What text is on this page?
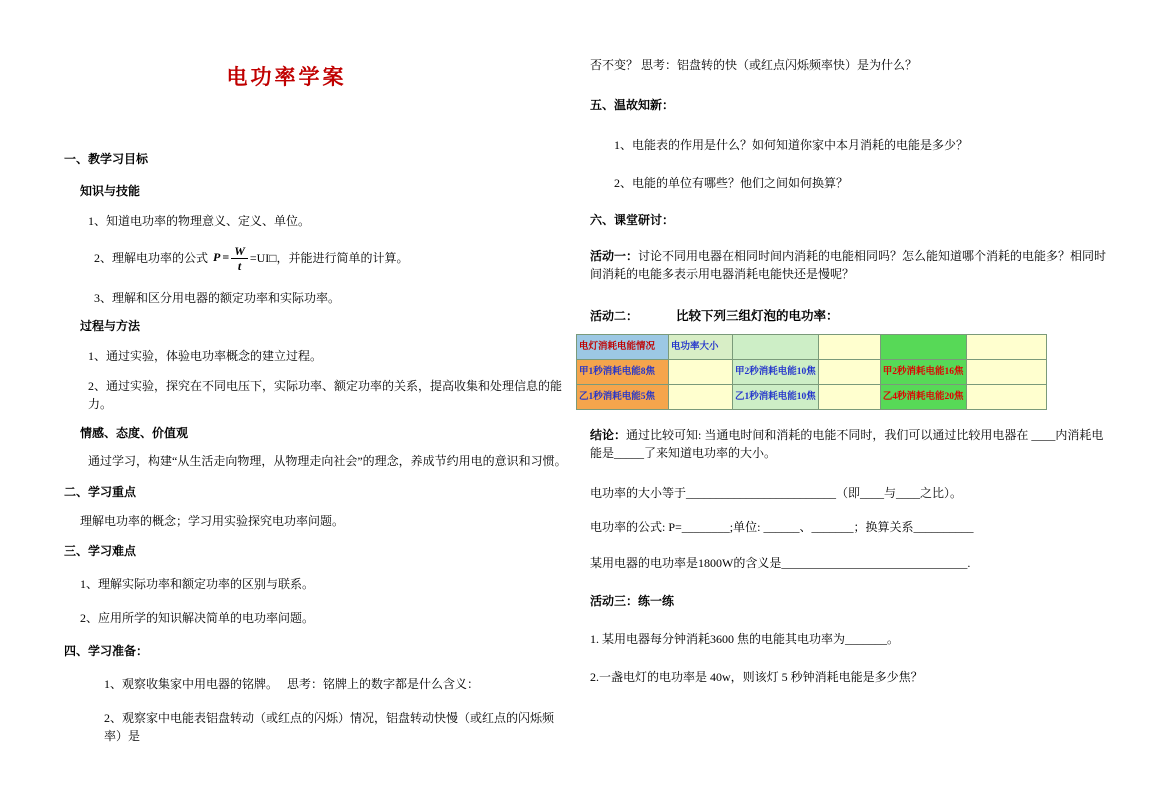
电功率学案

一、教学习目标

知识与技能

1、知道电功率的物理意义、定义、单位。

2、理解电功率的公式 $P = \frac{W}{t}$ =UI□，并能进行简单的计算。

3、理解和区分用电器的额定功率和实际功率。

过程与方法

1、通过实验，体验电功率概念的建立过程。

2、通过实验，探究在不同电压下，实际功率、额定功率的关系，提高收集和处理信息的能力。

情感、态度、价值观

通过学习，构建“从生活走向物理，从物理走向社会”的理念，养成节约用电的意识和习惯。

二、学习重点

理解电功率的概念；学习用实验探究电功率问题。

三、学习难点

1、理解实际功率和额定功率的区别与联系。

2、应用所学的知识解决简单的电功率问题。

四、学习准备：

1、观察收集家中用电器的铭牌。　 思考：铭牌上的数字都是什么含义：

2、观察家中电能表铝盘转动（或红点的闪烁）情况，铝盘转动快慢（或红点的闪烁频率）是

否不变？ 思考：铝盘转的快（或红点闪烁频率快）是为什么？

五、温故知新：

1、电能表的作用是什么？如何知道你家中本月消耗的电能是多少？

2、电能的单位有哪些？他们之间如何换算？

六、课堂研讨：

活动一：讨论不同用电器在相同时间内消耗的电能相同吗？怎么能知道哪个消耗的电能多？相同时间消耗的电能多表示用电器消耗电能快还是慢呢？

活动二：	比较下列三组灯泡的电功率：

电灯消耗电能情况	电功率大小				
甲1秒消耗电能8焦		甲2秒消耗电能10焦		甲2秒消耗电能16焦	
乙1秒消耗电能5焦		乙1秒消耗电能10焦		乙4秒消耗电能20焦	

结论：通过比较可知: 当通电时间和消耗的电能不同时，我们可以通过比较用电器在 ____内消耗电能是_____了来知道电功率的大小。

电功率的大小等于_________________________（即____与____之比）。

电功率的公式: P=________;单位: ______、_______；换算关系__________

某用电器的电功率是1800W的含义是_______________________________.

活动三：练一练

1. 某用电器每分钟消耗3600 焦的电能其电功率为_______。

2.一盏电灯的电功率是 40w，则该灯 5 秒钟消耗电能是多少焦？
